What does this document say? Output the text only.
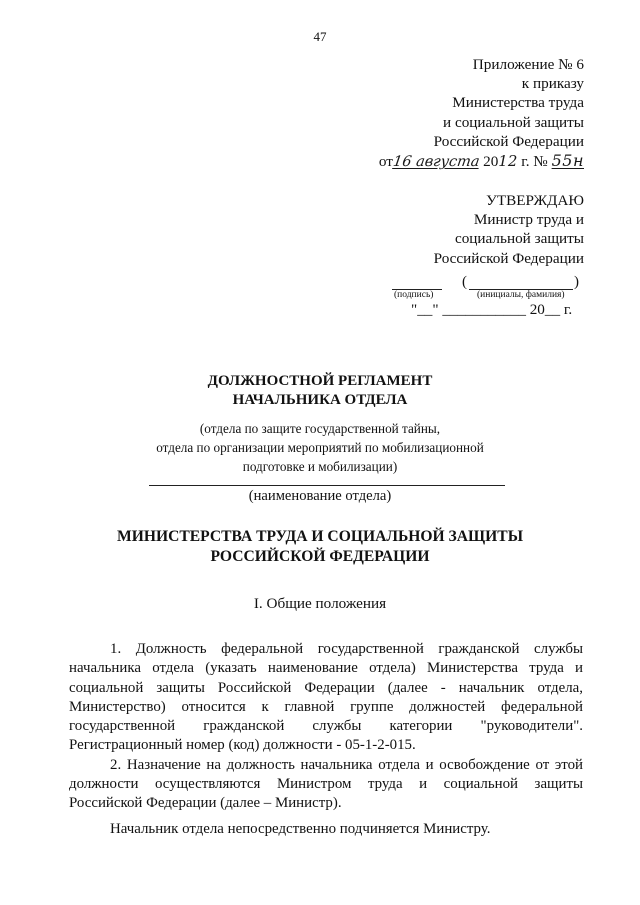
47
Приложение № 6
к приказу
Министерства труда
и социальной защиты
Российской Федерации
от16 августа 2012 г. № 55н
УТВЕРЖДАЮ
Министр труда и
социальной защиты
Российской Федерации
(	)
(подпись)	(инициалы, фамилия)
"__" ___________ 20__ г.
ДОЛЖНОСТНОЙ РЕГЛАМЕНТ
НАЧАЛЬНИКА ОТДЕЛА
(отдела по защите государственной тайны,
отдела по организации мероприятий по мобилизационной
подготовке и мобилизации)
(наименование отдела)
МИНИСТЕРСТВА ТРУДА И СОЦИАЛЬНОЙ ЗАЩИТЫ
РОССИЙСКОЙ ФЕДЕРАЦИИ
I. Общие положения

1. Должность федеральной государственной гражданской службы начальника отдела (указать наименование отдела) Министерства труда и социальной защиты Российской Федерации (далее - начальник отдела, Министерство) относится к главной группе должностей федеральной государственной гражданской службы категории "руководители". Регистрационный номер (код) должности - 05-1-2-015.

2. Назначение на должность начальника отдела и освобождение от этой должности осуществляются Министром труда и социальной защиты Российской Федерации (далее – Министр).

Начальник отдела непосредственно подчиняется Министру.
